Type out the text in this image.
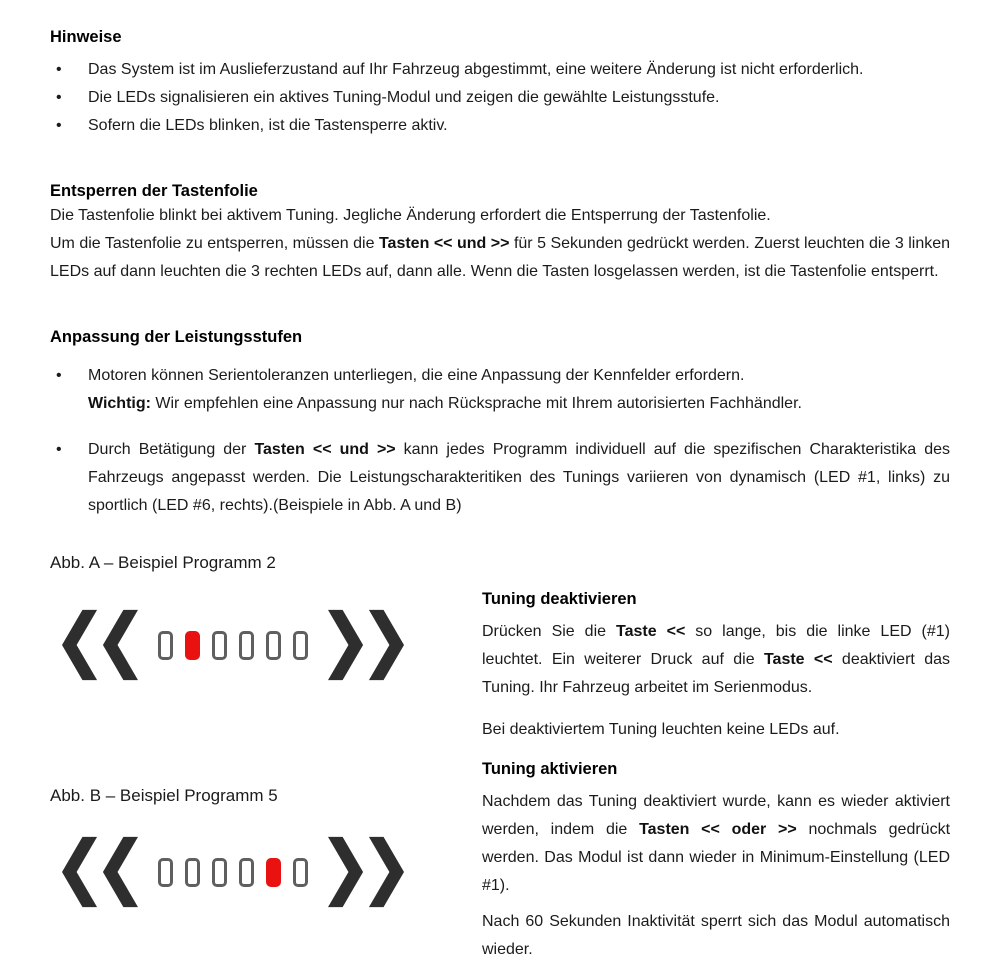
Hinweise
•
Das System ist im Auslieferzustand auf Ihr Fahrzeug abgestimmt, eine weitere Änderung ist nicht erforderlich.
•
Die LEDs signalisieren ein aktives Tuning-Modul und zeigen die gewählte Leistungsstufe.
•
Sofern die LEDs blinken, ist die Tastensperre aktiv.
Entsperren der Tastenfolie

Die Tastenfolie blinkt bei aktivem Tuning. Jegliche Änderung erfordert die Entsperrung der Tastenfolie.

Um die Tastenfolie zu entsperren, müssen die Tasten << und >> für 5 Sekunden gedrückt werden. Zuerst leuchten die 3 linken LEDs auf dann leuchten die 3 rechten LEDs auf, dann alle. Wenn die Tasten losgelassen werden, ist die Tastenfolie entsperrt.

Anpassung der Leistungsstufen
•
Motoren können Serientoleranzen unterliegen, die eine Anpassung der Kennfelder erfordern.
Wichtig: Wir empfehlen eine Anpassung nur nach Rücksprache mit Ihrem autorisierten Fachhändler.
•
Durch Betätigung der Tasten << und >> kann jedes Programm individuell auf die spezifischen Charakteristika des Fahrzeugs angepasst werden. Die Leistungscharakteritiken des Tunings variieren von dynamisch (LED #1, links) zu sportlich (LED #6, rechts).(Beispiele in Abb. A und B)
Abb. A – Beispiel Programm 2
Abb. B – Beispiel Programm 5
Tuning deaktivieren

Drücken Sie die Taste << so lange, bis die linke LED (#1) leuchtet. Ein weiterer Druck auf die Taste << deaktiviert das Tuning. Ihr Fahrzeug arbeitet im Serienmodus.

Bei deaktiviertem Tuning leuchten keine LEDs auf.

Tuning aktivieren

Nachdem das Tuning deaktiviert wurde, kann es wieder aktiviert werden, indem die Tasten << oder >> nochmals gedrückt werden. Das Modul ist dann wieder in Minimum-Einstellung (LED #1).

Nach 60 Sekunden Inaktivität sperrt sich das Modul automatisch wieder.
